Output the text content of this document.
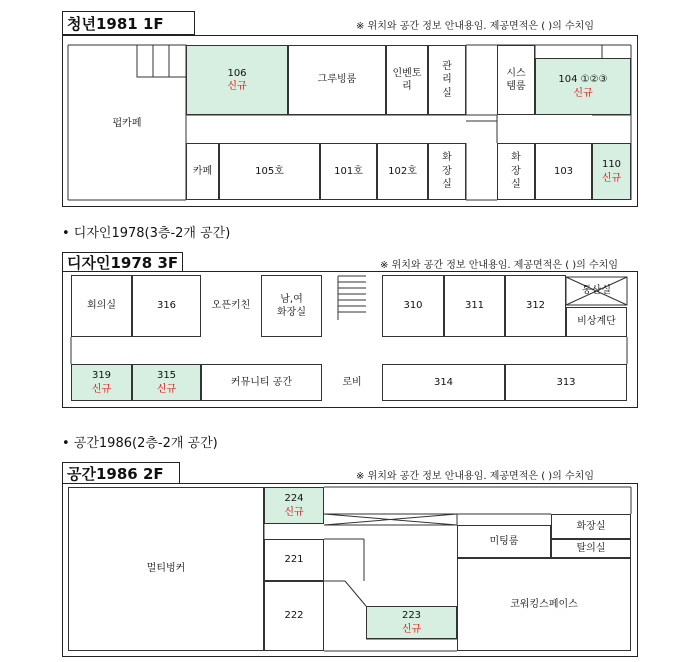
청년1981 1F	※ 위치와 공간 정보 안내용임. 제공면적은 ( )의 수치임
펍카페
106
신규
그루빙룸
인벤토
리
관
리
실
시스
템룸
104 ①②③
신규
카페	105호	101호	102호
화
장
실
화
장
실
103
110
신규
• 디자인1978(3층-2개 공간)
디자인1978 3F	※ 위치와 공간 정보 안내용임. 제공면적은 ( )의 수치임
회의실	316	오픈키친
남,여
화장실
310	311	312
통산실
비상계단
319
신규
315
신규
커뮤니티 공간	로비	314	313
• 공간1986(2층-2개 공간)
공간1986 2F	※ 위치와 공간 정보 안내용임. 제공면적은 ( )의 수치임
멀티벙커
224
신규
221
222	223
신규
미팅룸
화장실
탈의실
코워킹스페이스
